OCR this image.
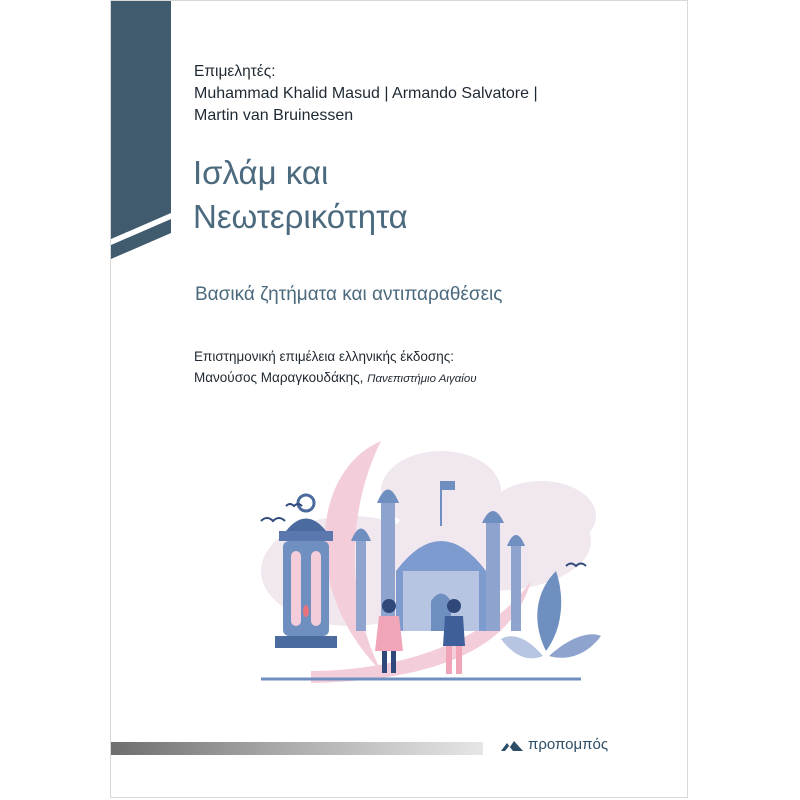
Επιμελητές:
Muhammad Khalid Masud | Armando Salvatore |
Martin van Bruinessen
Ισλάμ και
Νεωτερικότητα
Βασικά ζητήματα και αντιπαραθέσεις
Επιστημονική επιμέλεια ελληνικής έκδοσης:
Μανούσος Μαραγκουδάκης, Πανεπιστήμιο Αιγαίου
προπομπός
